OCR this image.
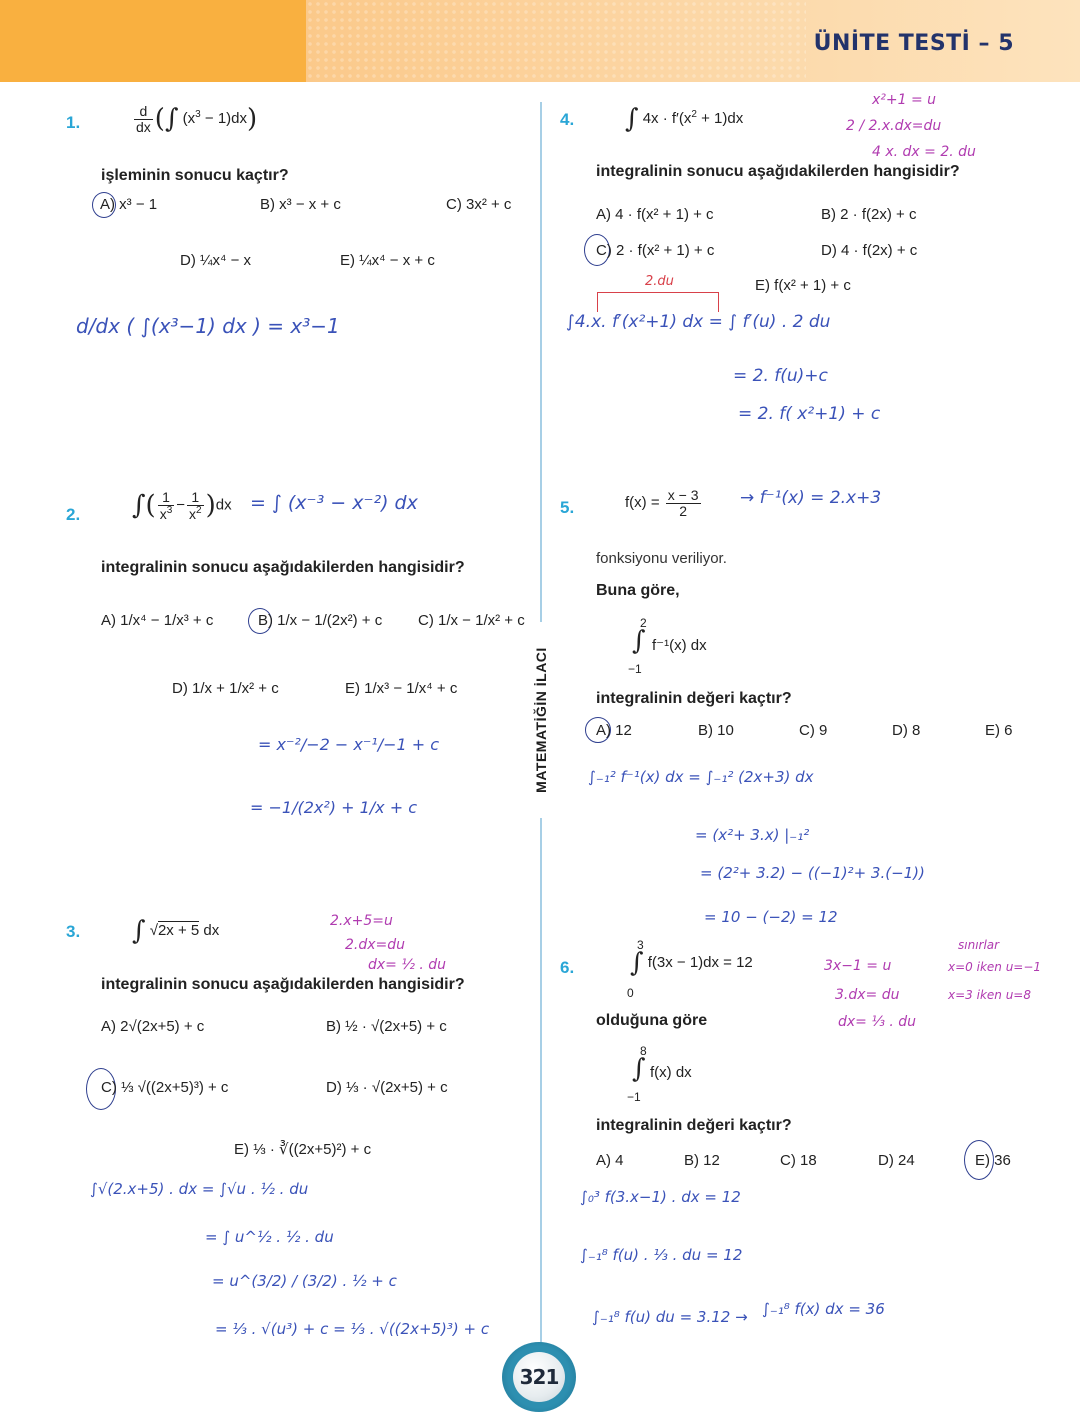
ÜNİTE TESTİ – 5
MATEMATİĞİN İLACI
1.	$\frac{d}{dx}$ (∫ $(x^3 - 1)dx$)
işleminin sonucu kaçtır?
A) x³ − 1	B) x³ − x + c	C) 3x² + c
D) ¼x⁴ − x	E) ¼x⁴ − x + c
d/dx ( ∫(x³−1) dx ) = x³−1
2. ∫( $\frac{1}{x^3} - \frac{1}{x^2} )dx$ = ∫ (x⁻³ − x⁻²) dx
integralinin sonucu aşağıdakilerden hangisidir?
A) 1/x⁴ − 1/x³ + c	B) 1/x − 1/(2x²) + c C) 1/x − 1/x² + c
D) 1/x + 1/x² + c	E) 1/x³ − 1/x⁴ + c
= x⁻²/−2 − x⁻¹/−1 + c
= −1/(2x²) + 1/x + c
3. ∫ √2x + 5 dx
2.x+5=u
2.dx=du
dx= ½ . du
integralinin sonucu aşağıdakilerden hangisidir?
A) 2√(2x+5) + c	B) ½ · √(2x+5) + c
C) ⅓ √((2x+5)³) + c	D) ⅓ · √(2x+5) + c
E) ⅓ · ∛((2x+5)²) + c
∫√(2.x+5) . dx = ∫√u . ½ . du
= ∫ u^½ . ½ . du
= u^(3/2) / (3/2) . ½ + c
= ⅓ . √(u³) + c = ⅓ . √((2x+5)³) + c
4. ∫ $4x \cdot f'(x^2 + 1)dx$
x²+1 = u
2 / 2.x.dx=du
4 x. dx = 2. du
integralinin sonucu aşağıdakilerden hangisidir?
A) 4 · f(x² + 1) + c	B) 2 · f(2x) + c
C) 2 · f(x² + 1) + c	D) 4 · f(2x) + c
E) f(x² + 1) + c
2.du
∫4.x. f′(x²+1) dx = ∫ f′(u) . 2 du
= 2. f(u)+c
= 2. f( x²+1) + c
5.	$f(x) = \frac{x - 3}{2} \to f^{-1}(x) = 2.x+3$
fonksiyonu veriliyor.
Buna göre,
2
∫ f⁻¹(x) dx
−1
integralinin değeri kaçtır?
A) 12	B) 10	C) 9	D) 8	E) 6
∫₋₁² f⁻¹(x) dx = ∫₋₁² (2x+3) dx
= (x²+ 3.x) |₋₁²
= (2²+ 3.2) − ((−1)²+ 3.(−1))
= 10 − (−2) = 12
6.
3
∫ f(3x − 1)dx = 12
0
3x−1 = u
3.dx= du
dx= ⅓ . du
sınırlar
x=0 iken u=−1
x=3 iken u=8
olduğuna göre
8
∫ f(x) dx
−1
integralinin değeri kaçtır?
A) 4	B) 12	C) 18	D) 24	E) 36
∫₀³ f(3.x−1) . dx = 12
∫₋₁⁸ f(u) . ⅓ . du = 12
∫₋₁⁸ f(u) du = 3.12 → ∫₋₁⁸ f(x) dx = 36
321
